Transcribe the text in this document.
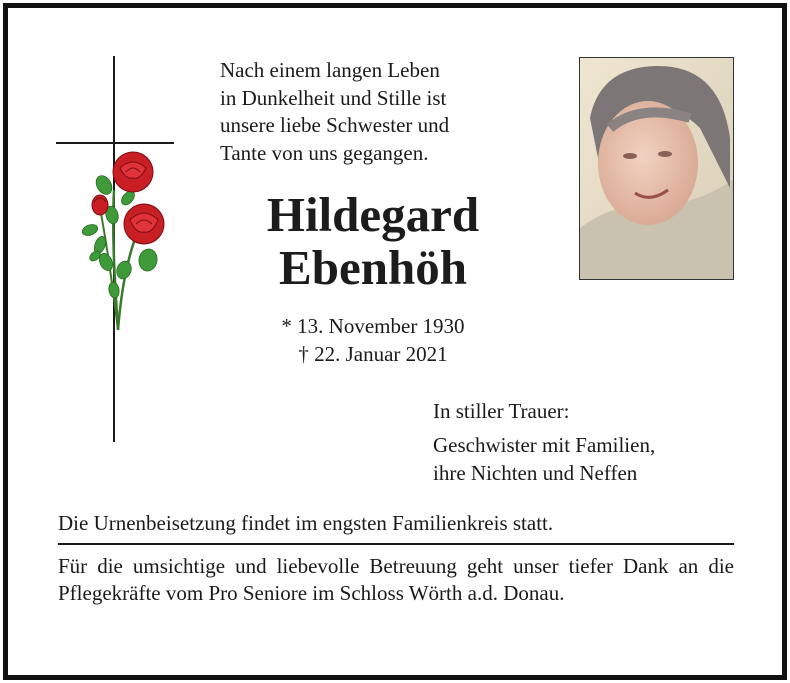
Nach einem langen Leben
in Dunkelheit und Stille ist
unsere liebe Schwester und
Tante von uns gegangen.
Hildegard
Ebenhöh
* 13. November 1930
† 22. Januar 2021
In stiller Trauer:
Geschwister mit Familien,
ihre Nichten und Neffen
Die Urnenbeisetzung findet im engsten Familienkreis statt.
Für die umsichtige und liebevolle Betreuung geht unser tiefer Dank an die Pflegekräfte vom Pro Seniore im Schloss Wörth a.d. Donau.
